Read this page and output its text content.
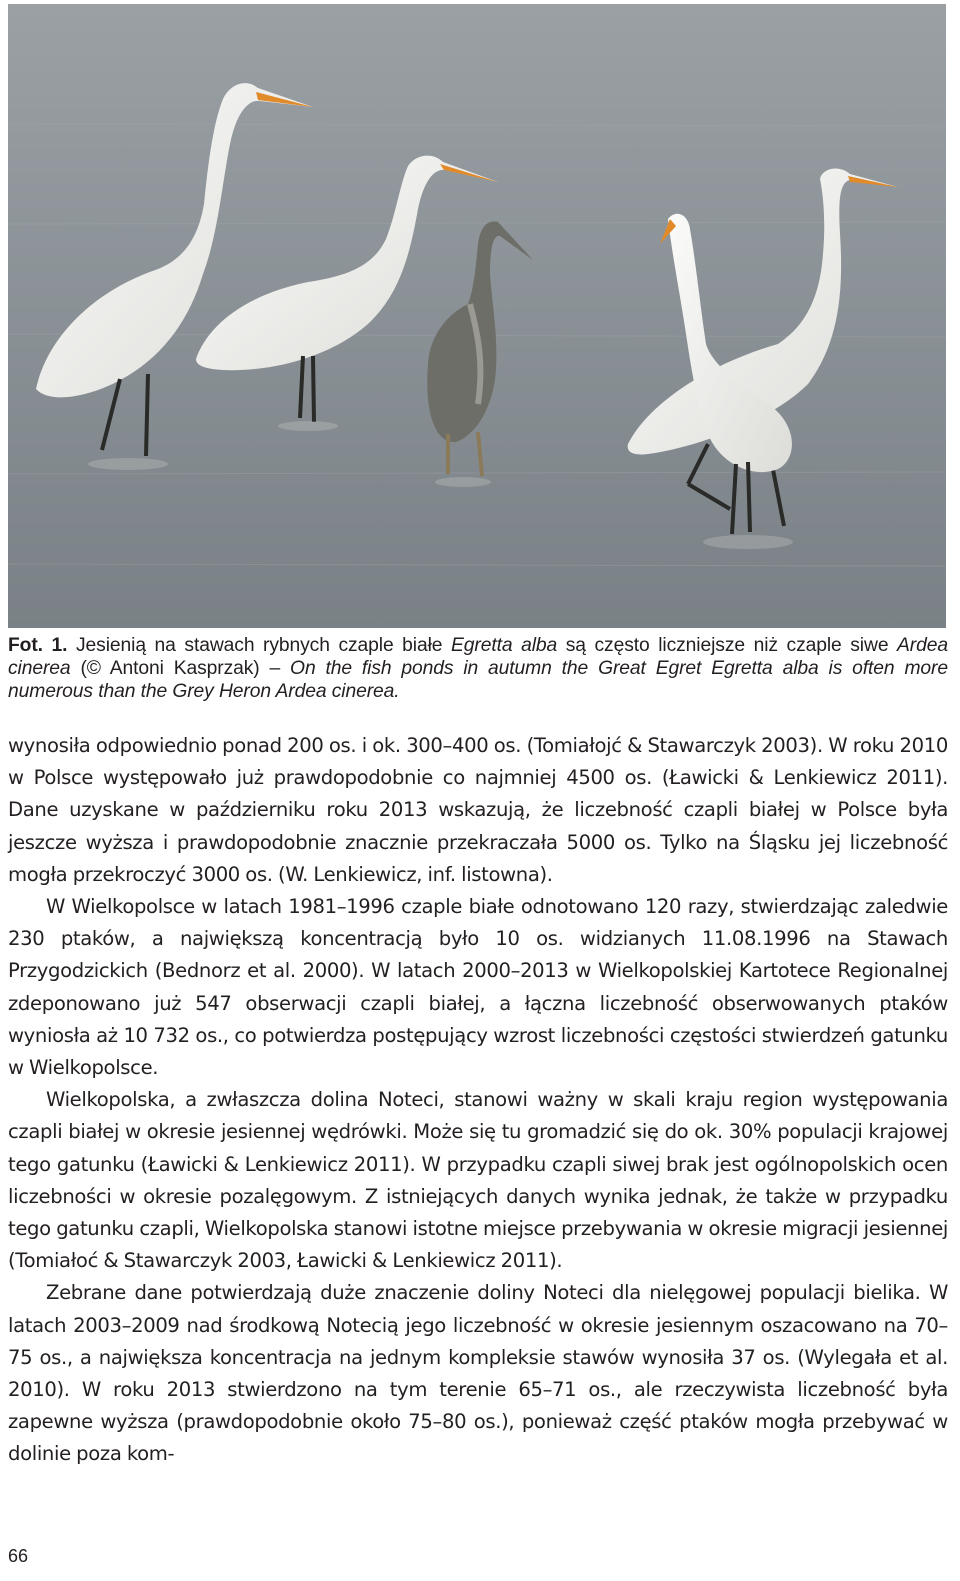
Fot. 1. Jesienią na stawach rybnych czaple białe Egretta alba są często liczniejsze niż czaple siwe Ardea cinerea (© Antoni Kasprzak) – On the fish ponds in autumn the Great Egret Egretta alba is often more numerous than the Grey Heron Ardea cinerea.

wynosiła odpowiednio ponad 200 os. i ok. 300–400 os. (Tomiałojć & Stawarczyk 2003). W roku 2010 w Polsce występowało już prawdopodobnie co najmniej 4500 os. (Ławicki & Lenkiewicz 2011). Dane uzyskane w październiku roku 2013 wskazują, że liczebność czapli białej w Polsce była jeszcze wyższa i prawdopodobnie znacznie przekraczała 5000 os. Tylko na Śląsku jej liczebność mogła przekroczyć 3000 os. (W. Lenkiewicz, inf. listowna).

W Wielkopolsce w latach 1981–1996 czaple białe odnotowano 120 razy, stwierdzając zaledwie 230 ptaków, a największą koncentracją było 10 os. widzianych 11.08.1996 na Stawach Przygodzickich (Bednorz et al. 2000). W latach 2000–2013 w Wielkopolskiej Kartotece Regionalnej zdeponowano już 547 obserwacji czapli białej, a łączna liczebność obserwowanych ptaków wyniosła aż 10 732 os., co potwierdza postępujący wzrost liczebności częstości stwierdzeń gatunku w Wielkopolsce.

Wielkopolska, a zwłaszcza dolina Noteci, stanowi ważny w skali kraju region występowania czapli białej w okresie jesiennej wędrówki. Może się tu gromadzić się do ok. 30% populacji krajowej tego gatunku (Ławicki & Lenkiewicz 2011). W przypadku czapli siwej brak jest ogólnopolskich ocen liczebności w okresie pozalęgowym. Z istniejących danych wynika jednak, że także w przypadku tego gatunku czapli, Wielkopolska stanowi istotne miejsce przebywania w okresie migracji jesiennej (Tomiałoć & Stawarczyk 2003, Ławicki & Lenkiewicz 2011).

Zebrane dane potwierdzają duże znaczenie doliny Noteci dla nielęgowej populacji bielika. W latach 2003–2009 nad środkową Notecią jego liczebność w okresie jesiennym oszacowano na 70–75 os., a największa koncentracja na jednym kompleksie stawów wynosiła 37 os. (Wylegała et al. 2010). W roku 2013 stwierdzono na tym terenie 65–71 os., ale rzeczywista liczebność była zapewne wyższa (prawdopodobnie około 75–80 os.), ponieważ część ptaków mogła przebywać w dolinie poza kom-

66
